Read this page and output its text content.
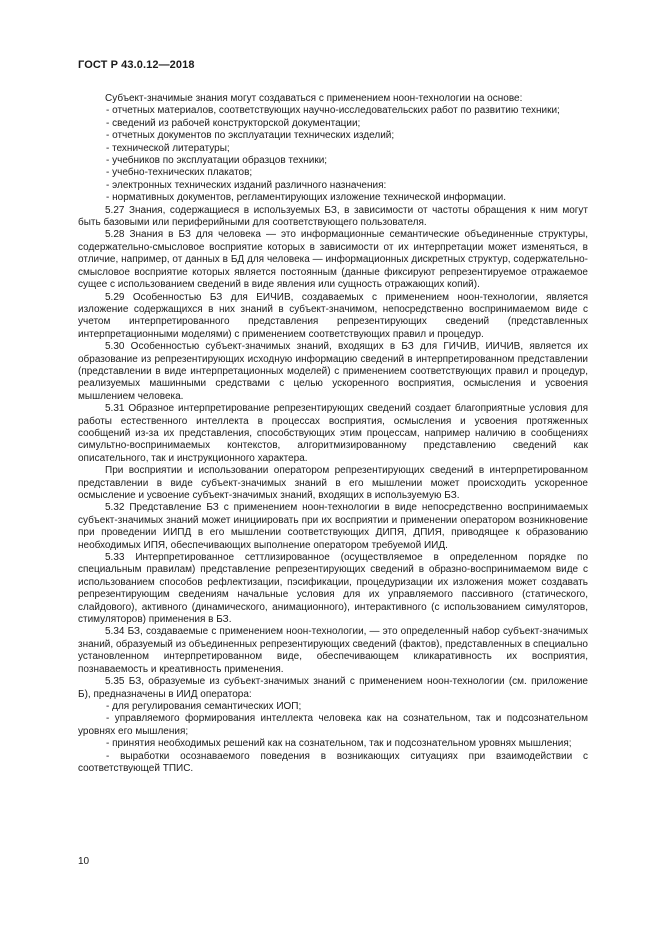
ГОСТ Р 43.0.12—2018

Субъект-значимые знания могут создаваться с применением ноон-технологии на основе:

- отчетных материалов, соответствующих научно-исследовательских работ по развитию техники;

- сведений из рабочей конструкторской документации;

- отчетных документов по эксплуатации технических изделий;

- технической литературы;

- учебников по эксплуатации образцов техники;

- учебно-технических плакатов;

- электронных технических изданий различного назначения:

- нормативных документов, регламентирующих изложение технической информации.

5.27 Знания, содержащиеся в используемых БЗ, в зависимости от частоты обращения к ним могут быть базовыми или периферийными для соответствующего пользователя.

5.28 Знания в БЗ для человека — это информационные семантические объединенные структуры, содержательно-смысловое восприятие которых в зависимости от их интерпретации может изменяться, в отличие, например, от данных в БД для человека — информационных дискретных структур, содержательно-смысловое восприятие которых является постоянным (данные фиксируют репрезентируемое отражаемое сущее с использованием сведений в виде явления или сущность отражающих копий).

5.29 Особенностью БЗ для ЕИЧИВ, создаваемых с применением ноон-технологии, является изложение содержащихся в них знаний в субъект-значимом, непосредственно воспринимаемом виде с учетом интерпретированного представления репрезентирующих сведений (представленных интерпретационными моделями) с применением соответствующих правил и процедур.

5.30 Особенностью субъект-значимых знаний, входящих в БЗ для ГИЧИВ, ИИЧИВ, является их образование из репрезентирующих исходную информацию сведений в интерпретированном представлении (представлении в виде интерпретационных моделей) с применением соответствующих правил и процедур, реализуемых машинными средствами с целью ускоренного восприятия, осмысления и усвоения мышлением человека.

5.31 Образное интерпретирование репрезентирующих сведений создает благоприятные условия для работы естественного интеллекта в процессах восприятия, осмысления и усвоения протяженных сообщений из-за их представления, способствующих этим процессам, например наличию в сообщениях симультно-воспринимаемых контекстов, алгоритмизированному представлению сведений как описательного, так и инструкционного характера.

При восприятии и использовании оператором репрезентирующих сведений в интерпретированном представлении в виде субъект-значимых знаний в его мышлении может происходить ускоренное осмысление и усвоение субъект-значимых знаний, входящих в используемую БЗ.

5.32 Представление БЗ с применением ноон-технологии в виде непосредственно воспринимаемых субъект-значимых знаний может инициировать при их восприятии и применении оператором возникновение при проведении ИИПД в его мышлении соответствующих ДИПЯ, ДПИЯ, приводящее к образованию необходимых ИПЯ, обеспечивающих выполнение оператором требуемой ИИД.

5.33 Интерпретированное сеттлизированное (осуществляемое в определенном порядке по специальным правилам) представление репрезентирующих сведений в образно-воспринимаемом виде с использованием способов рефлектизации, пэсификации, процедуризации их изложения может создавать репрезентирующим сведениям начальные условия для их управляемого пассивного (статического, слайдового), активного (динамического, анимационного), интерактивного (с использованием симуляторов, стимуляторов) применения в БЗ.

5.34 БЗ, создаваемые с применением ноон-технологии, — это определенный набор субъект-значимых знаний, образуемый из объединенных репрезентирующих сведений (фактов), представленных в специально установленном интерпретированном виде, обеспечивающем кликаративность их восприятия, познаваемость и креативность применения.

5.35 БЗ, образуемые из субъект-значимых знаний с применением ноон-технологии (см. приложение Б), предназначены в ИИД оператора:

- для регулирования семантических ИОП;

- управляемого формирования интеллекта человека как на сознательном, так и подсознательном уровнях его мышления;

- принятия необходимых решений как на сознательном, так и подсознательном уровнях мышления;

- выработки осознаваемого поведения в возникающих ситуациях при взаимодействии с соответствующей ТПИС.

10
